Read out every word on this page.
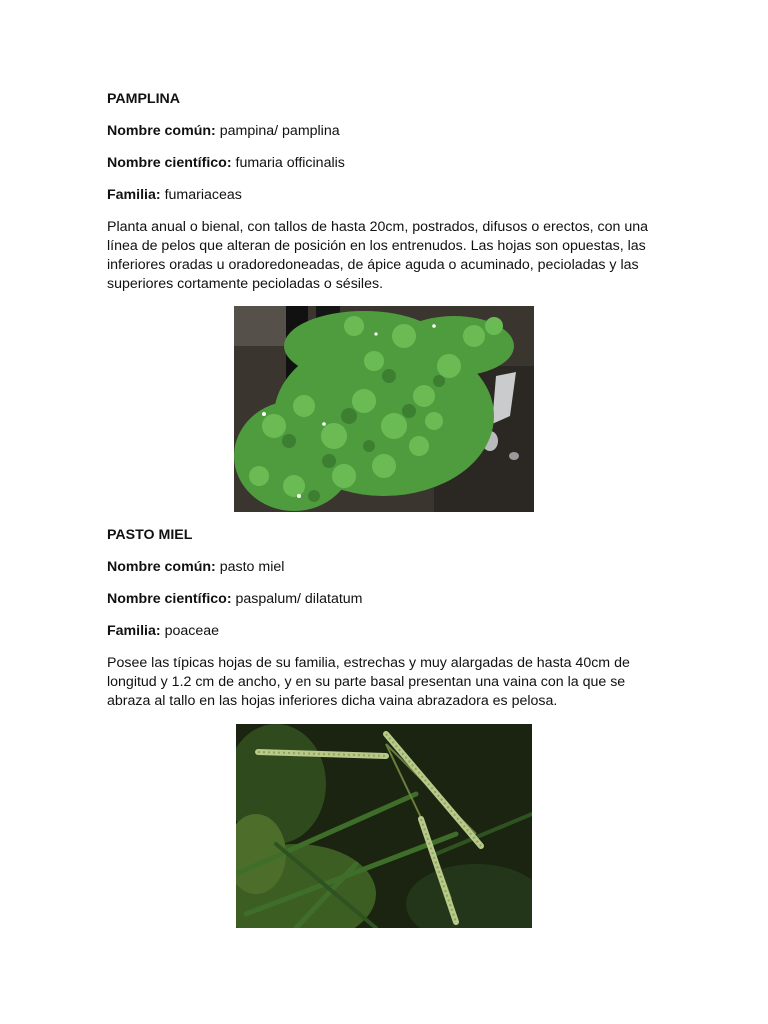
PAMPLINA

Nombre común: pampina/ pamplina

Nombre científico: fumaria officinalis

Familia: fumariaceas

Planta anual o bienal, con tallos de hasta 20cm, postrados, difusos o erectos, con una línea de pelos que alteran de posición en los entrenudos. Las hojas son opuestas, las inferiores oradas u oradoredoneadas, de ápice aguda o acuminado, pecioladas y las superiores cortamente pecioladas o sésiles.

PASTO MIEL

Nombre común: pasto miel

Nombre científico: paspalum/ dilatatum

Familia: poaceae

Posee las típicas hojas de su familia, estrechas y muy alargadas de hasta 40cm de longitud y 1.2 cm de ancho, y en su parte basal presentan una vaina con la que se abraza al tallo en las hojas inferiores dicha vaina abrazadora es pelosa.
